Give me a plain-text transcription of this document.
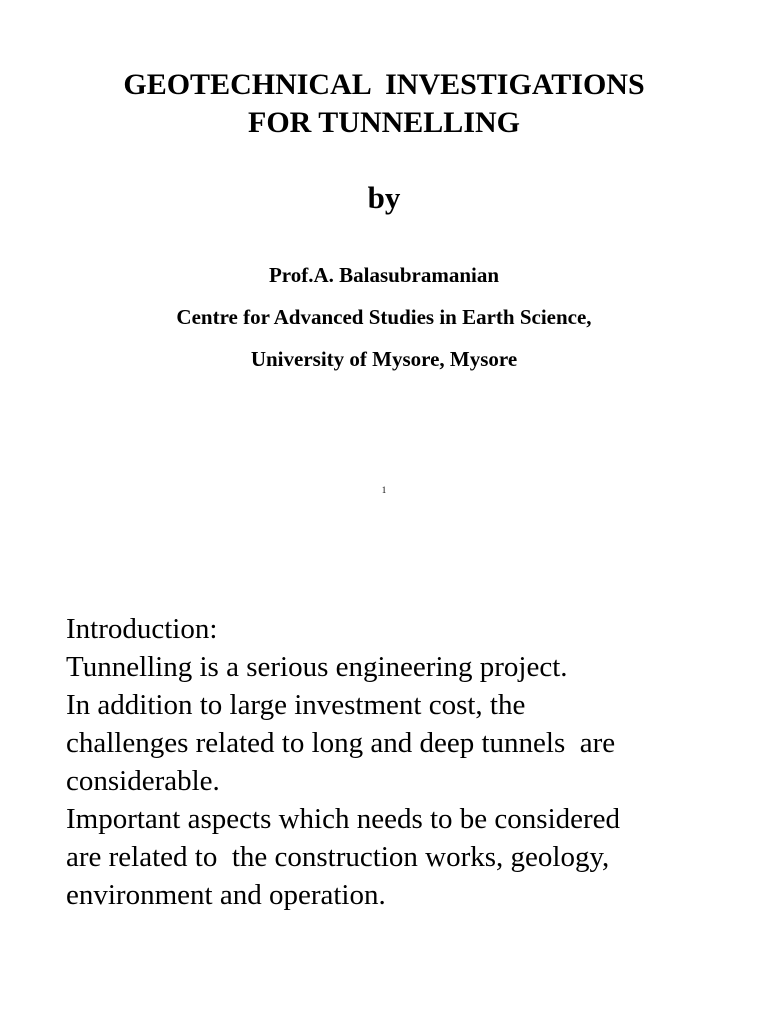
GEOTECHNICAL  INVESTIGATIONS
FOR TUNNELLING
by
Prof.A. Balasubramanian
Centre for Advanced Studies in Earth Science,
University of Mysore, Mysore
1
Introduction:
Tunnelling is a serious engineering project.
In addition to large investment cost, the
challenges related to long and deep tunnels  are
considerable.
Important aspects which needs to be considered
are related to  the construction works, geology,
environment and operation.
